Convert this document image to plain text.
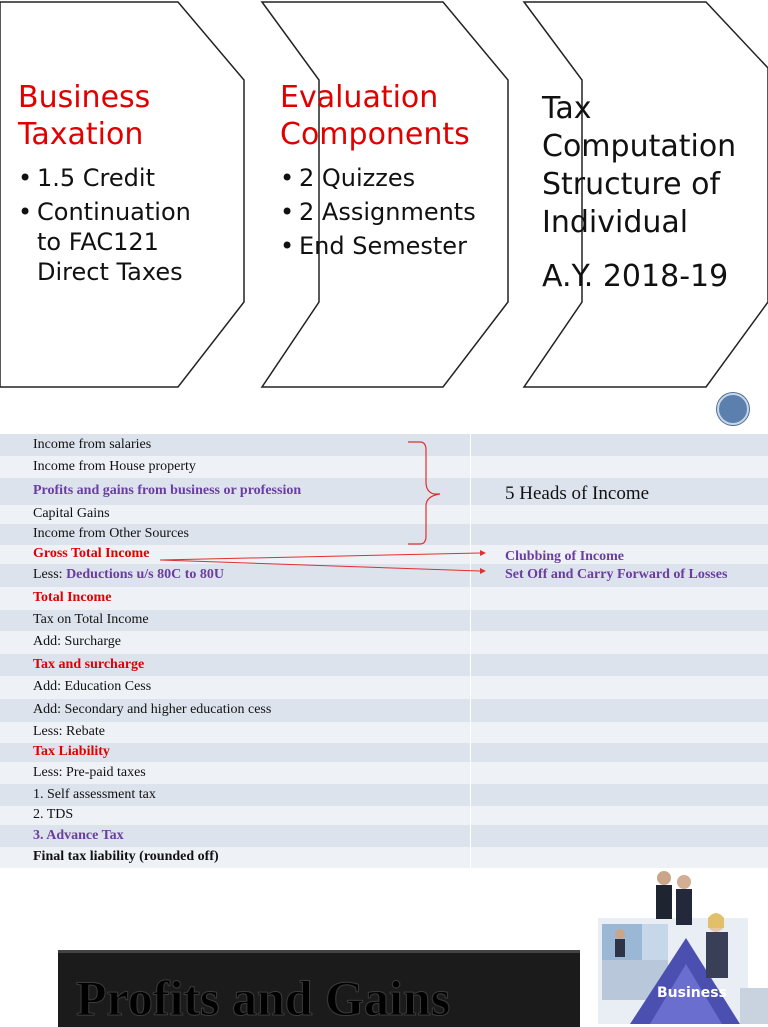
Business
Taxation
• 1.5 Credit
• Continuation to FAC121 Direct Taxes
Evaluation
Components
• 2 Quizzes
• 2 Assignments
• End Semester
Tax
Computation
Structure of
Individual
A.Y. 2018-19
Income from salaries
Income from House property
Profits and gains from business or profession
Capital Gains
Income from Other Sources
Gross Total Income
Less: Deductions u/s 80C to 80U
Total Income
Tax on Total Income
Add: Surcharge
Tax and surcharge
Add: Education Cess
Add: Secondary and higher education cess
Less: Rebate
Tax Liability
Less: Pre-paid taxes
1. Self assessment tax
2. TDS
3. Advance Tax
Final tax liability (rounded off)
5 Heads of Income
Clubbing of Income
Set Off and Carry Forward of Losses
Profits and Gains	Business
